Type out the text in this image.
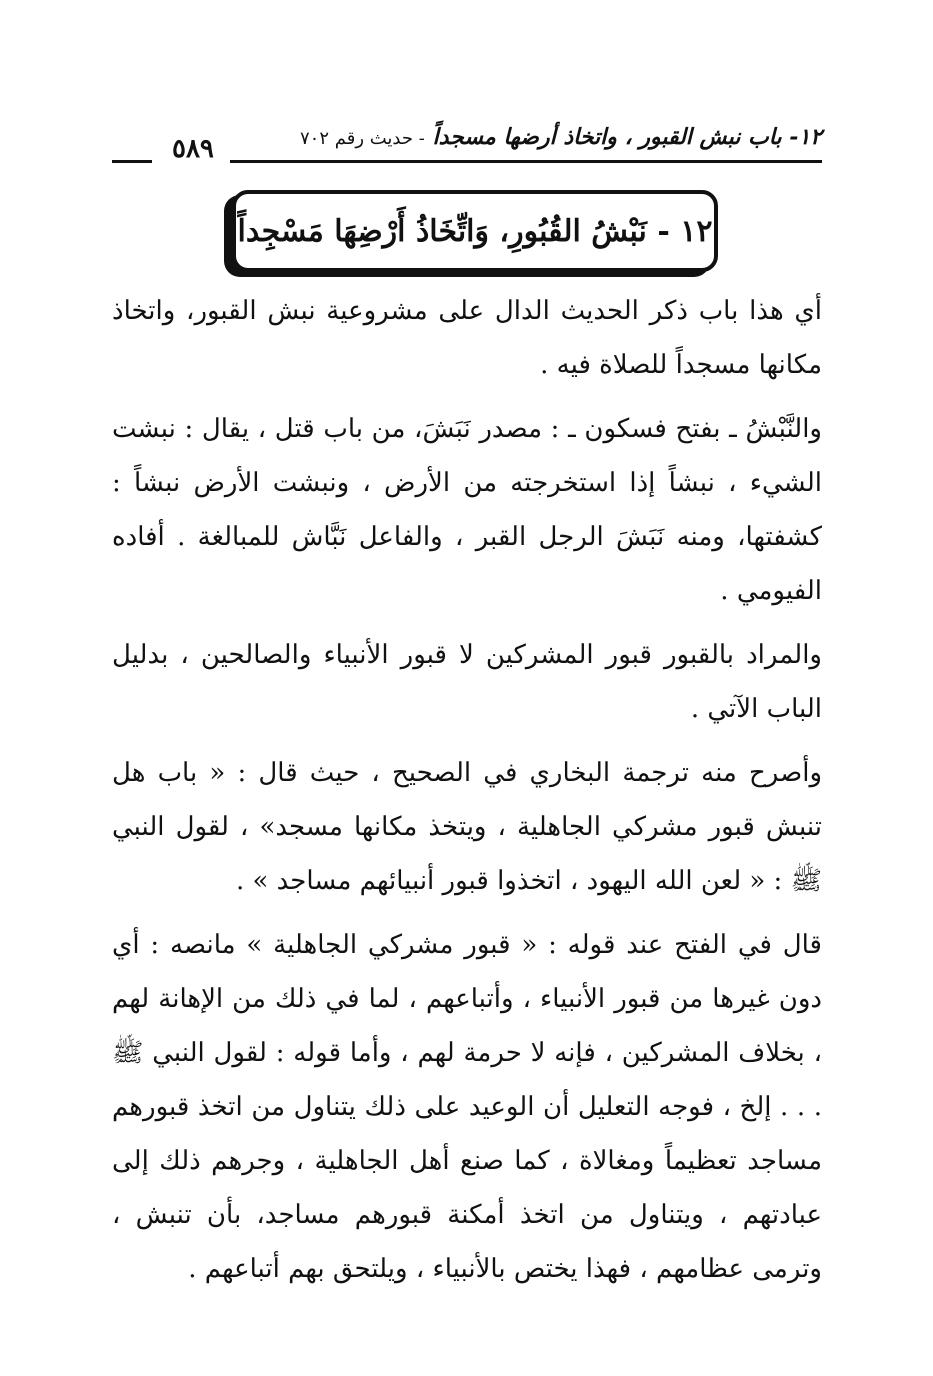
١٢- باب نبش القبور ، واتخاذ أرضها مسجداً - حديث رقم ٧٠٢
٥٨٩
١٢ - نَبْشُ القُبُورِ، وَاتِّخَاذُ أَرْضِهَا مَسْجِداً

أي هذا باب ذكر الحديث الدال على مشروعية نبش القبور، واتخاذ مكانها مسجداً للصلاة فيه .

والنَّبْشُ ـ بفتح فسكون ـ : مصدر نَبَشَ، من باب قتل ، يقال : نبشت الشيء ، نبشاً إذا استخرجته من الأرض ، ونبشت الأرض نبشاً : كشفتها، ومنه نَبَشَ الرجل القبر ، والفاعل نَبَّاش للمبالغة . أفاده الفيومي .

والمراد بالقبور قبور المشركين لا قبور الأنبياء والصالحين ، بدليل الباب الآتي .

وأصرح منه ترجمة البخاري في الصحيح ، حيث قال : « باب هل تنبش قبور مشركي الجاهلية ، ويتخذ مكانها مسجد» ، لقول النبي ﷺ : « لعن الله اليهود ، اتخذوا قبور أنبيائهم مساجد » .

قال في الفتح عند قوله : « قبور مشركي الجاهلية » مانصه : أي دون غيرها من قبور الأنبياء ، وأتباعهم ، لما في ذلك من الإهانة لهم ، بخلاف المشركين ، فإنه لا حرمة لهم ، وأما قوله : لقول النبي ﷺ . . . إلخ ، فوجه التعليل أن الوعيد على ذلك يتناول من اتخذ قبورهم مساجد تعظيماً ومغالاة ، كما صنع أهل الجاهلية ، وجرهم ذلك إلى عبادتهم ، ويتناول من اتخذ أمكنة قبورهم مساجد، بأن تنبش ، وترمى عظامهم ، فهذا يختص بالأنبياء ، ويلتحق بهم أتباعهم .
